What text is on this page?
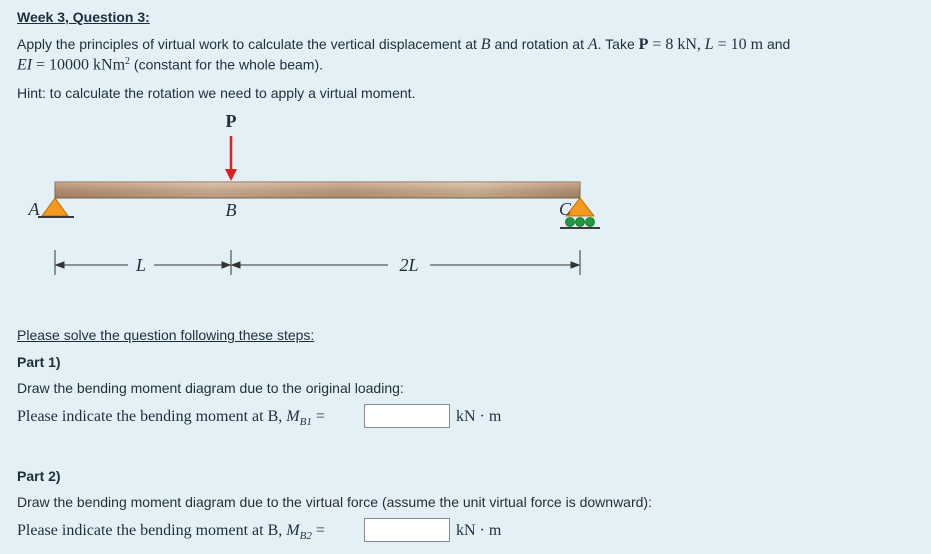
Week 3, Question 3:
Apply the principles of virtual work to calculate the vertical displacement at B and rotation at A. Take P = 8 kN, L = 10 m and
EI = 10000 kNm$^2$ (constant for the whole beam).
Hint: to calculate the rotation we need to apply a virtual moment.
P
A	B	C
L	2L
Please solve the question following these steps:
Part 1)
Draw the bending moment diagram due to the original loading:
Please indicate the bending moment at B, $M_{B1}$ =	kN · m
Part 2)
Draw the bending moment diagram due to the virtual force (assume the unit virtual force is downward):
Please indicate the bending moment at B, $M_{B2}$ =	kN · m
